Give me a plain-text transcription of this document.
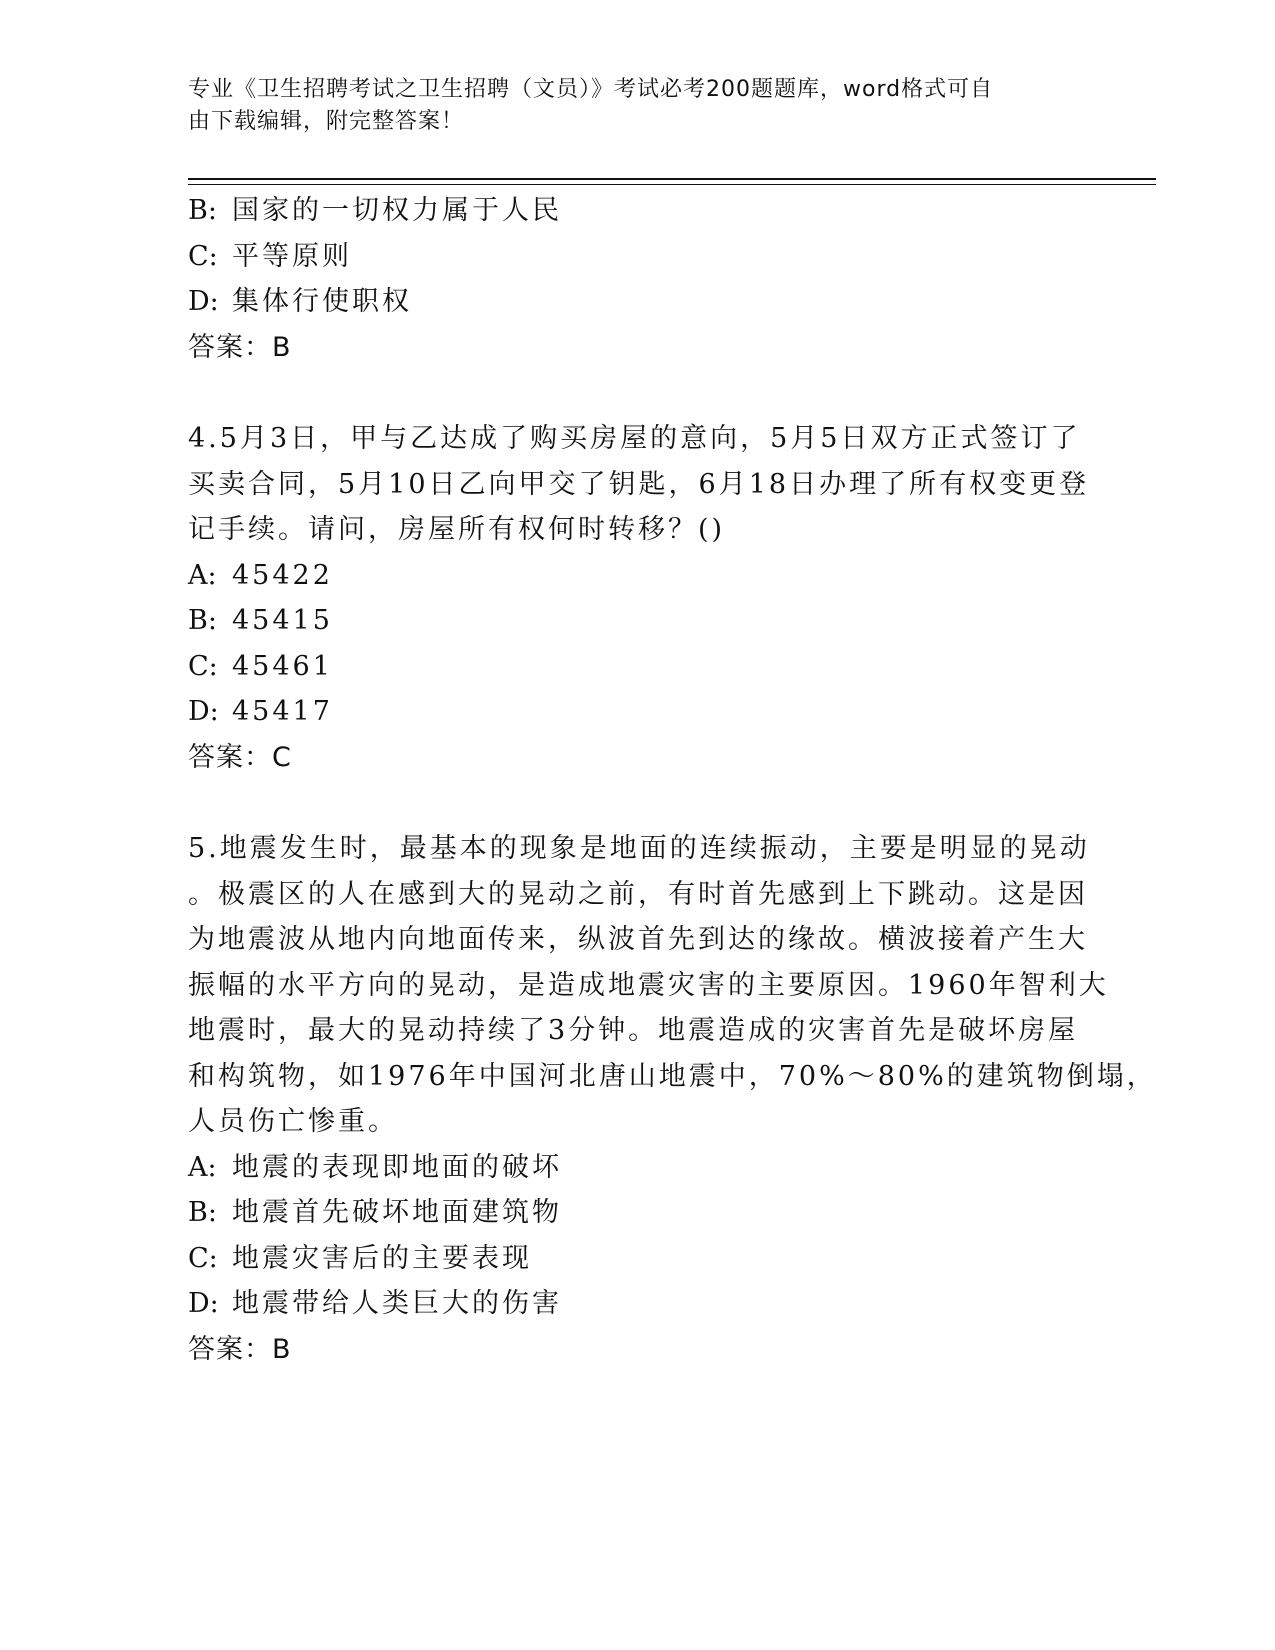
专业《卫生招聘考试之卫生招聘（文员）》考试必考200题题库，word格式可自
由下载编辑，附完整答案！
B: 国家的一切权力属于人民
C: 平等原则
D: 集体行使职权
答案：B
4.5月3日，甲与乙达成了购买房屋的意向，5月5日双方正式签订了
买卖合同，5月10日乙向甲交了钥匙，6月18日办理了所有权变更登
记手续。请问，房屋所有权何时转移？()
A: 45422
B: 45415
C: 45461
D: 45417
答案：C
5.地震发生时，最基本的现象是地面的连续振动，主要是明显的晃动
。极震区的人在感到大的晃动之前，有时首先感到上下跳动。这是因
为地震波从地内向地面传来，纵波首先到达的缘故。横波接着产生大
振幅的水平方向的晃动，是造成地震灾害的主要原因。1960年智利大
地震时，最大的晃动持续了3分钟。地震造成的灾害首先是破坏房屋
和构筑物，如1976年中国河北唐山地震中，70%～80%的建筑物倒塌，
人员伤亡惨重。
A: 地震的表现即地面的破坏
B: 地震首先破坏地面建筑物
C: 地震灾害后的主要表现
D: 地震带给人类巨大的伤害
答案：B
